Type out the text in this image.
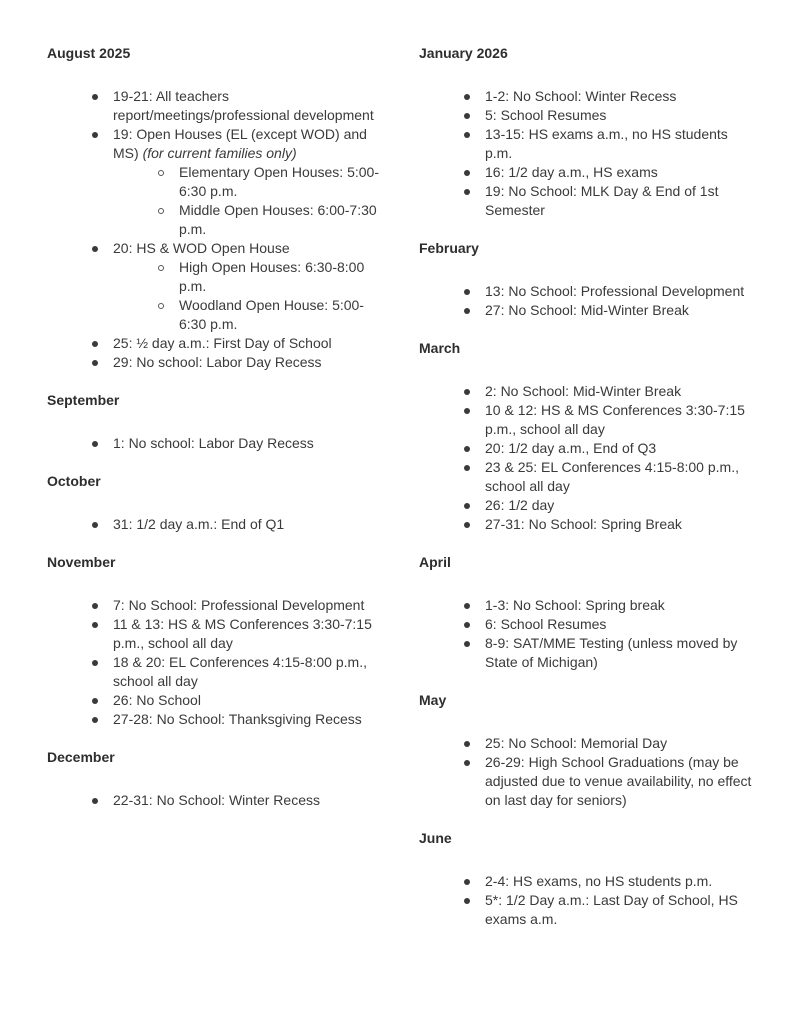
August 2025
19-21: All teachers report/meetings/professional development
19: Open Houses (EL (except WOD) and MS) (for current families only)
Elementary Open Houses: 5:00-6:30 p.m.
Middle Open Houses: 6:00-7:30 p.m.
20: HS & WOD Open House
High Open Houses: 6:30-8:00 p.m.
Woodland Open House: 5:00-6:30 p.m.
25: ½ day a.m.: First Day of School
29: No school: Labor Day Recess
September
1: No school: Labor Day Recess
October
31: 1/2 day a.m.: End of Q1
November
7: No School: Professional Development
11 & 13: HS & MS Conferences 3:30-7:15 p.m., school all day
18 & 20: EL Conferences 4:15-8:00 p.m., school all day
26: No School
27-28: No School: Thanksgiving Recess
December
22-31: No School: Winter Recess
January 2026
1-2: No School: Winter Recess
5: School Resumes
13-15: HS exams a.m., no HS students p.m.
16: 1/2 day a.m., HS exams
19: No School: MLK Day & End of 1st Semester
February
13: No School: Professional Development
27: No School: Mid-Winter Break
March
2: No School: Mid-Winter Break
10 & 12: HS & MS Conferences 3:30-7:15 p.m., school all day
20: 1/2 day a.m., End of Q3
23 & 25: EL Conferences 4:15-8:00 p.m., school all day
26: 1/2 day
27-31: No School: Spring Break
April
1-3: No School: Spring break
6: School Resumes
8-9: SAT/MME Testing (unless moved by State of Michigan)
May
25: No School: Memorial Day
26-29: High School Graduations (may be adjusted due to venue availability, no effect on last day for seniors)
June
2-4: HS exams, no HS students p.m.
5*: 1/2 Day a.m.: Last Day of School, HS exams a.m.
